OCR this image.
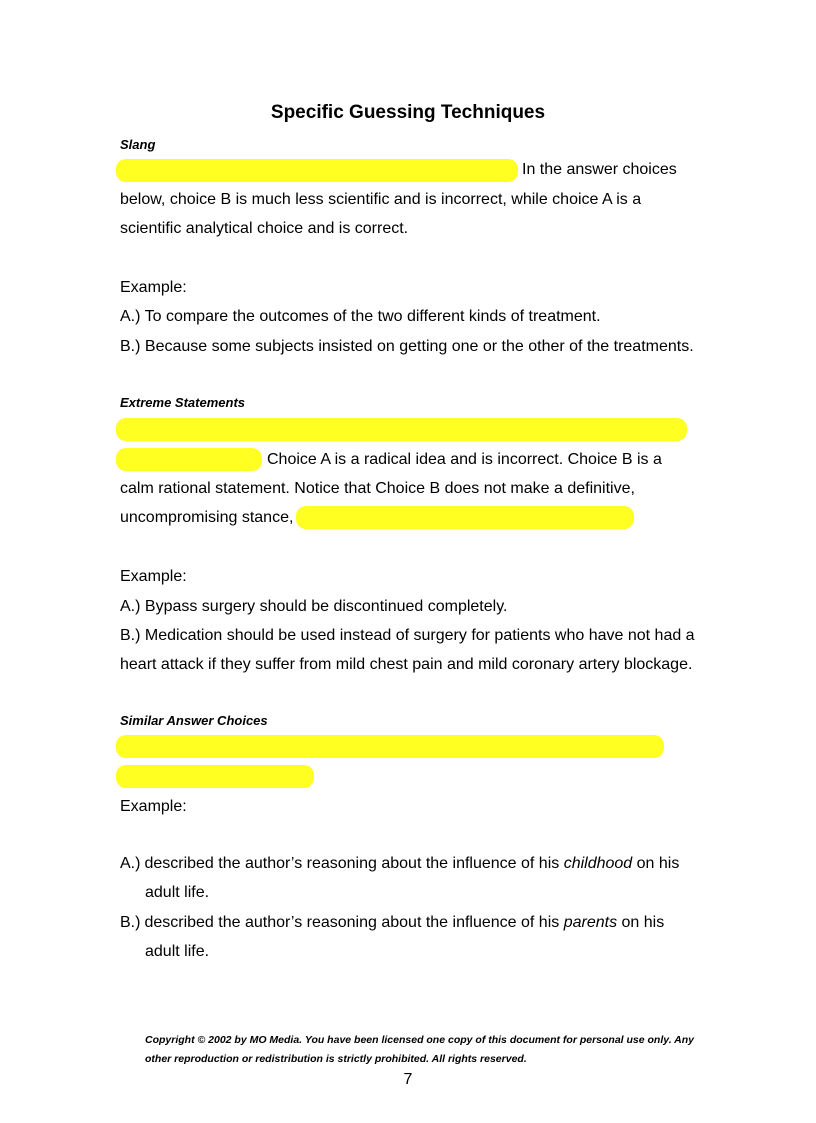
Specific Guessing Techniques
Slang
In the answer choices
below, choice B is much less scientific and is incorrect, while choice A is a
scientific analytical choice and is correct.
Example:
A.) To compare the outcomes of the two different kinds of treatment.
B.) Because some subjects insisted on getting one or the other of the treatments.
Extreme Statements
Choice A is a radical idea and is incorrect. Choice B is a
calm rational statement. Notice that Choice B does not make a definitive,
uncompromising stance,
Example:
A.) Bypass surgery should be discontinued completely.
B.) Medication should be used instead of surgery for patients who have not had a
heart attack if they suffer from mild chest pain and mild coronary artery blockage.
Similar Answer Choices
Example:
A.) described the author’s reasoning about the influence of his childhood on his
adult life.
B.) described the author’s reasoning about the influence of his parents on his
adult life.
Copyright © 2002 by MO Media. You have been licensed one copy of this document for personal use only. Any
other reproduction or redistribution is strictly prohibited. All rights reserved.
7
